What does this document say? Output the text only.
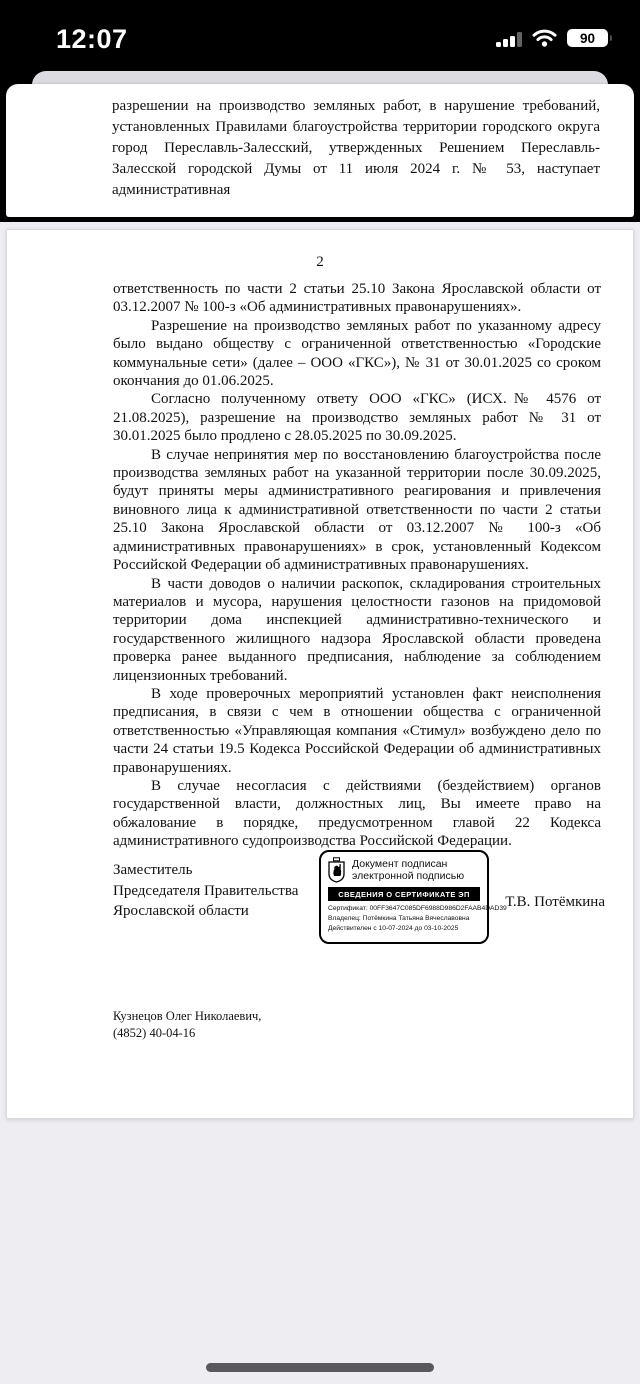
12:07	90

разрешении на производство земляных работ, в нарушение требований, установленных Правилами благоустройства территории городского округа город Переславль-Залесский, утвержденных Решением Переславль-Залесской городской Думы от 11 июля 2024 г. № 53, наступает административная

2

ответственность по части 2 статьи 25.10 Закона Ярославской области от 03.12.2007 № 100-з «Об административных правонарушениях».

Разрешение на производство земляных работ по указанному адресу было выдано обществу с ограниченной ответственностью «Городские коммунальные сети» (далее – ООО «ГКС»), № 31 от 30.01.2025 со сроком окончания до 01.06.2025.

Согласно полученному ответу ООО «ГКС» (ИСХ.№ 4576 от 21.08.2025), разрешение на производство земляных работ № 31 от 30.01.2025 было продлено с 28.05.2025 по 30.09.2025.

В случае непринятия мер по восстановлению благоустройства после производства земляных работ на указанной территории после 30.09.2025, будут приняты меры административного реагирования и привлечения виновного лица к административной ответственности по части 2 статьи 25.10 Закона Ярославской области от 03.12.2007 № 100-з «Об административных правонарушениях» в срок, установленный Кодексом Российской Федерации об административных правонарушениях.

В части доводов о наличии раскопок, складирования строительных материалов и мусора, нарушения целостности газонов на придомовой территории дома инспекцией административно-технического и государственного жилищного надзора Ярославской области проведена проверка ранее выданного предписания, наблюдение за соблюдением лицензионных требований.

В ходе проверочных мероприятий установлен факт неисполнения предписания, в связи с чем в отношении общества с ограниченной ответственностью «Управляющая компания «Стимул» возбуждено дело по части 24 статьи 19.5 Кодекса Российской Федерации об административных правонарушениях.

В случае несогласия с действиями (бездействием) органов государственной власти, должностных лиц, Вы имеете право на обжалование в порядке, предусмотренном главой 22 Кодекса административного судопроизводства Российской Федерации.

Заместитель
Председателя Правительства
Ярославской области
Документ подписан
электронной подписью
СВЕДЕНИЯ О СЕРТИФИКАТЕ ЭП
Сертификат: 00FF3647C085DF6988D986D2FAAB4DAD39
Владелец: Потёмкина Татьяна Вячеславовна
Действителен с 10-07-2024 до 03-10-2025
Т.В. Потёмкина
Кузнецов Олег Николаевич,
(4852) 40-04-16
